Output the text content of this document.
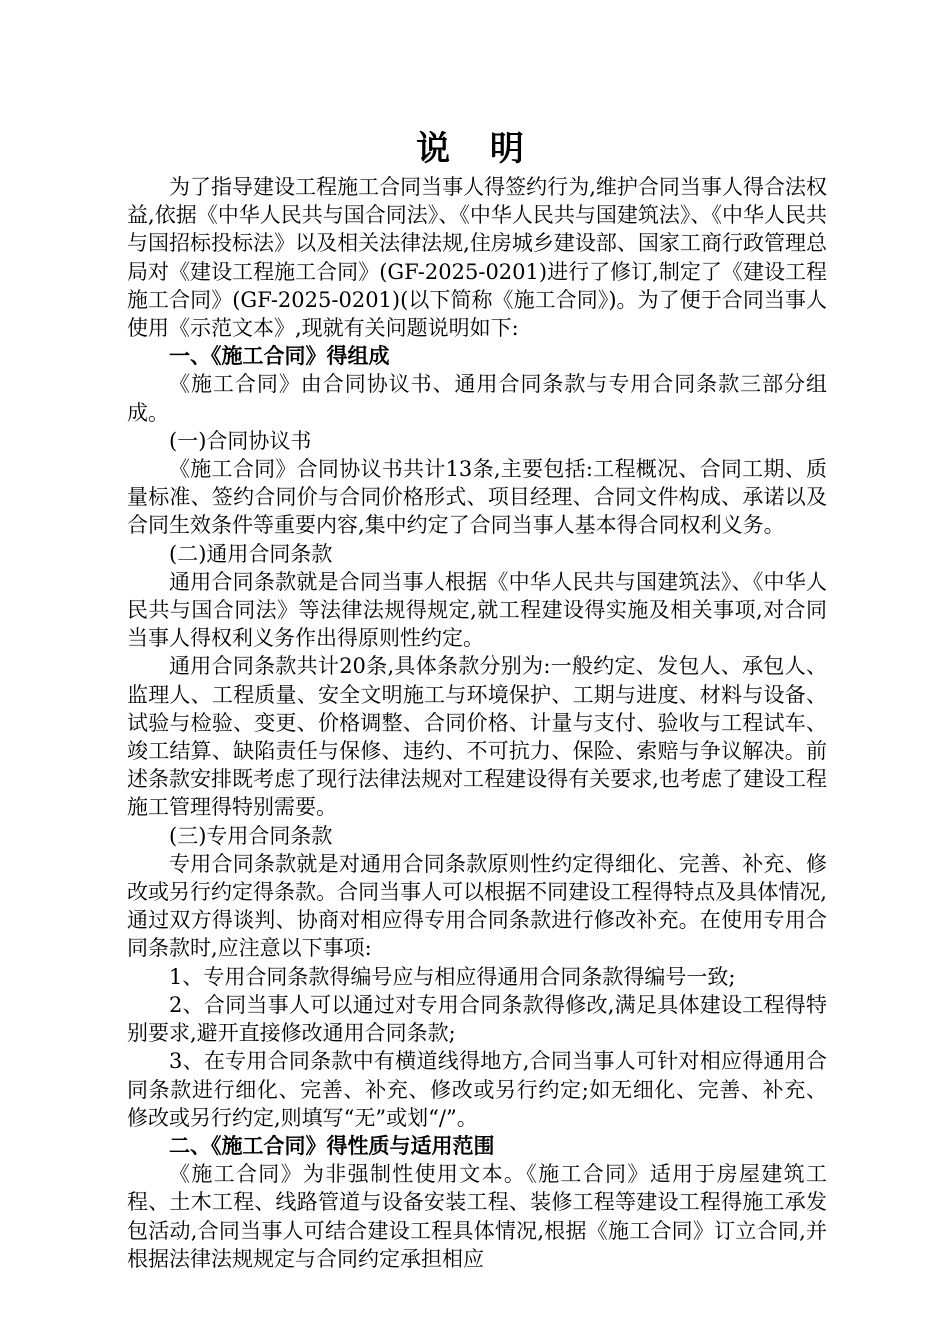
说 明

为了指导建设工程施工合同当事人得签约行为,维护合同当事人得合法权益,依据《中华人民共与国合同法》、《中华人民共与国建筑法》、《中华人民共与国招标投标法》以及相关法律法规,住房城乡建设部、国家工商行政管理总局对《建设工程施工合同》(GF-2025-0201)进行了修订,制定了《建设工程施工合同》(GF-2025-0201)(以下简称《施工合同》)。为了便于合同当事人使用《示范文本》,现就有关问题说明如下:

一、《施工合同》得组成

《施工合同》由合同协议书、通用合同条款与专用合同条款三部分组成。

(一)合同协议书

《施工合同》合同协议书共计13条,主要包括:工程概况、合同工期、质量标准、签约合同价与合同价格形式、项目经理、合同文件构成、承诺以及合同生效条件等重要内容,集中约定了合同当事人基本得合同权利义务。

(二)通用合同条款

通用合同条款就是合同当事人根据《中华人民共与国建筑法》、《中华人民共与国合同法》等法律法规得规定,就工程建设得实施及相关事项,对合同当事人得权利义务作出得原则性约定。

通用合同条款共计20条,具体条款分别为:一般约定、发包人、承包人、监理人、工程质量、安全文明施工与环境保护、工期与进度、材料与设备、试验与检验、变更、价格调整、合同价格、计量与支付、验收与工程试车、竣工结算、缺陷责任与保修、违约、不可抗力、保险、索赔与争议解决。前述条款安排既考虑了现行法律法规对工程建设得有关要求,也考虑了建设工程施工管理得特别需要。

(三)专用合同条款

专用合同条款就是对通用合同条款原则性约定得细化、完善、补充、修改或另行约定得条款。合同当事人可以根据不同建设工程得特点及具体情况,通过双方得谈判、协商对相应得专用合同条款进行修改补充。在使用专用合同条款时,应注意以下事项:

1、专用合同条款得编号应与相应得通用合同条款得编号一致;

2、合同当事人可以通过对专用合同条款得修改,满足具体建设工程得特别要求,避开直接修改通用合同条款;

3、在专用合同条款中有横道线得地方,合同当事人可针对相应得通用合同条款进行细化、完善、补充、修改或另行约定;如无细化、完善、补充、修改或另行约定,则填写“无”或划“/”。

二、《施工合同》得性质与适用范围

《施工合同》为非强制性使用文本。《施工合同》适用于房屋建筑工程、土木工程、线路管道与设备安装工程、装修工程等建设工程得施工承发包活动,合同当事人可结合建设工程具体情况,根据《施工合同》订立合同,并根据法律法规规定与合同约定承担相应
